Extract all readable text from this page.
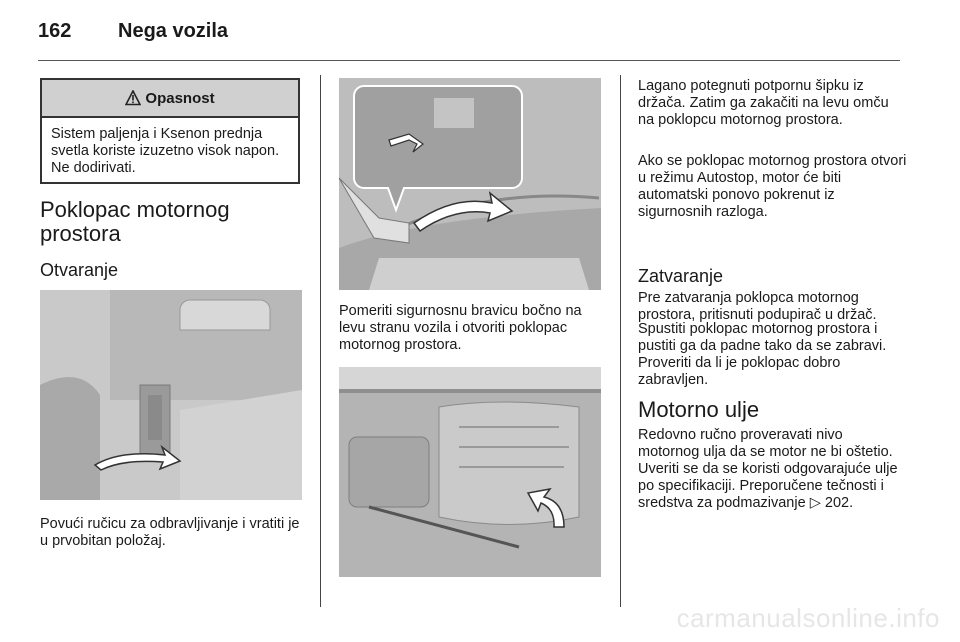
162 Nega vozila
Opasnost
Sistem paljenja i Ksenon prednja svetla koriste izuzetno visok napon. Ne dodirivati.
Poklopac motornog
prostora
Otvaranje
Povući ručicu za odbravljivanje i vratiti je u prvobitan položaj.
Pomeriti sigurnosnu bravicu bočno na levu stranu vozila i otvoriti poklopac motornog prostora.
Lagano potegnuti potpornu šipku iz držača. Zatim ga zakačiti na levu omču na poklopcu motornog prostora.
Ako se poklopac motornog prostora otvori u režimu Autostop, motor će biti automatski ponovo pokrenut iz sigurnosnih razloga.
Zatvaranje
Pre zatvaranja poklopca motornog prostora, pritisnuti podupirač u držač.
Spustiti poklopac motornog prostora i pustiti ga da padne tako da se zabravi. Proveriti da li je poklopac dobro zabravljen.
Motorno ulje
Redovno ručno proveravati nivo motornog ulja da se motor ne bi oštetio. Uveriti se da se koristi odgovarajuće ulje po specifikaciji. Preporučene tečnosti i sredstva za podmazivanje ▷ 202.
carmanualsonline.info
